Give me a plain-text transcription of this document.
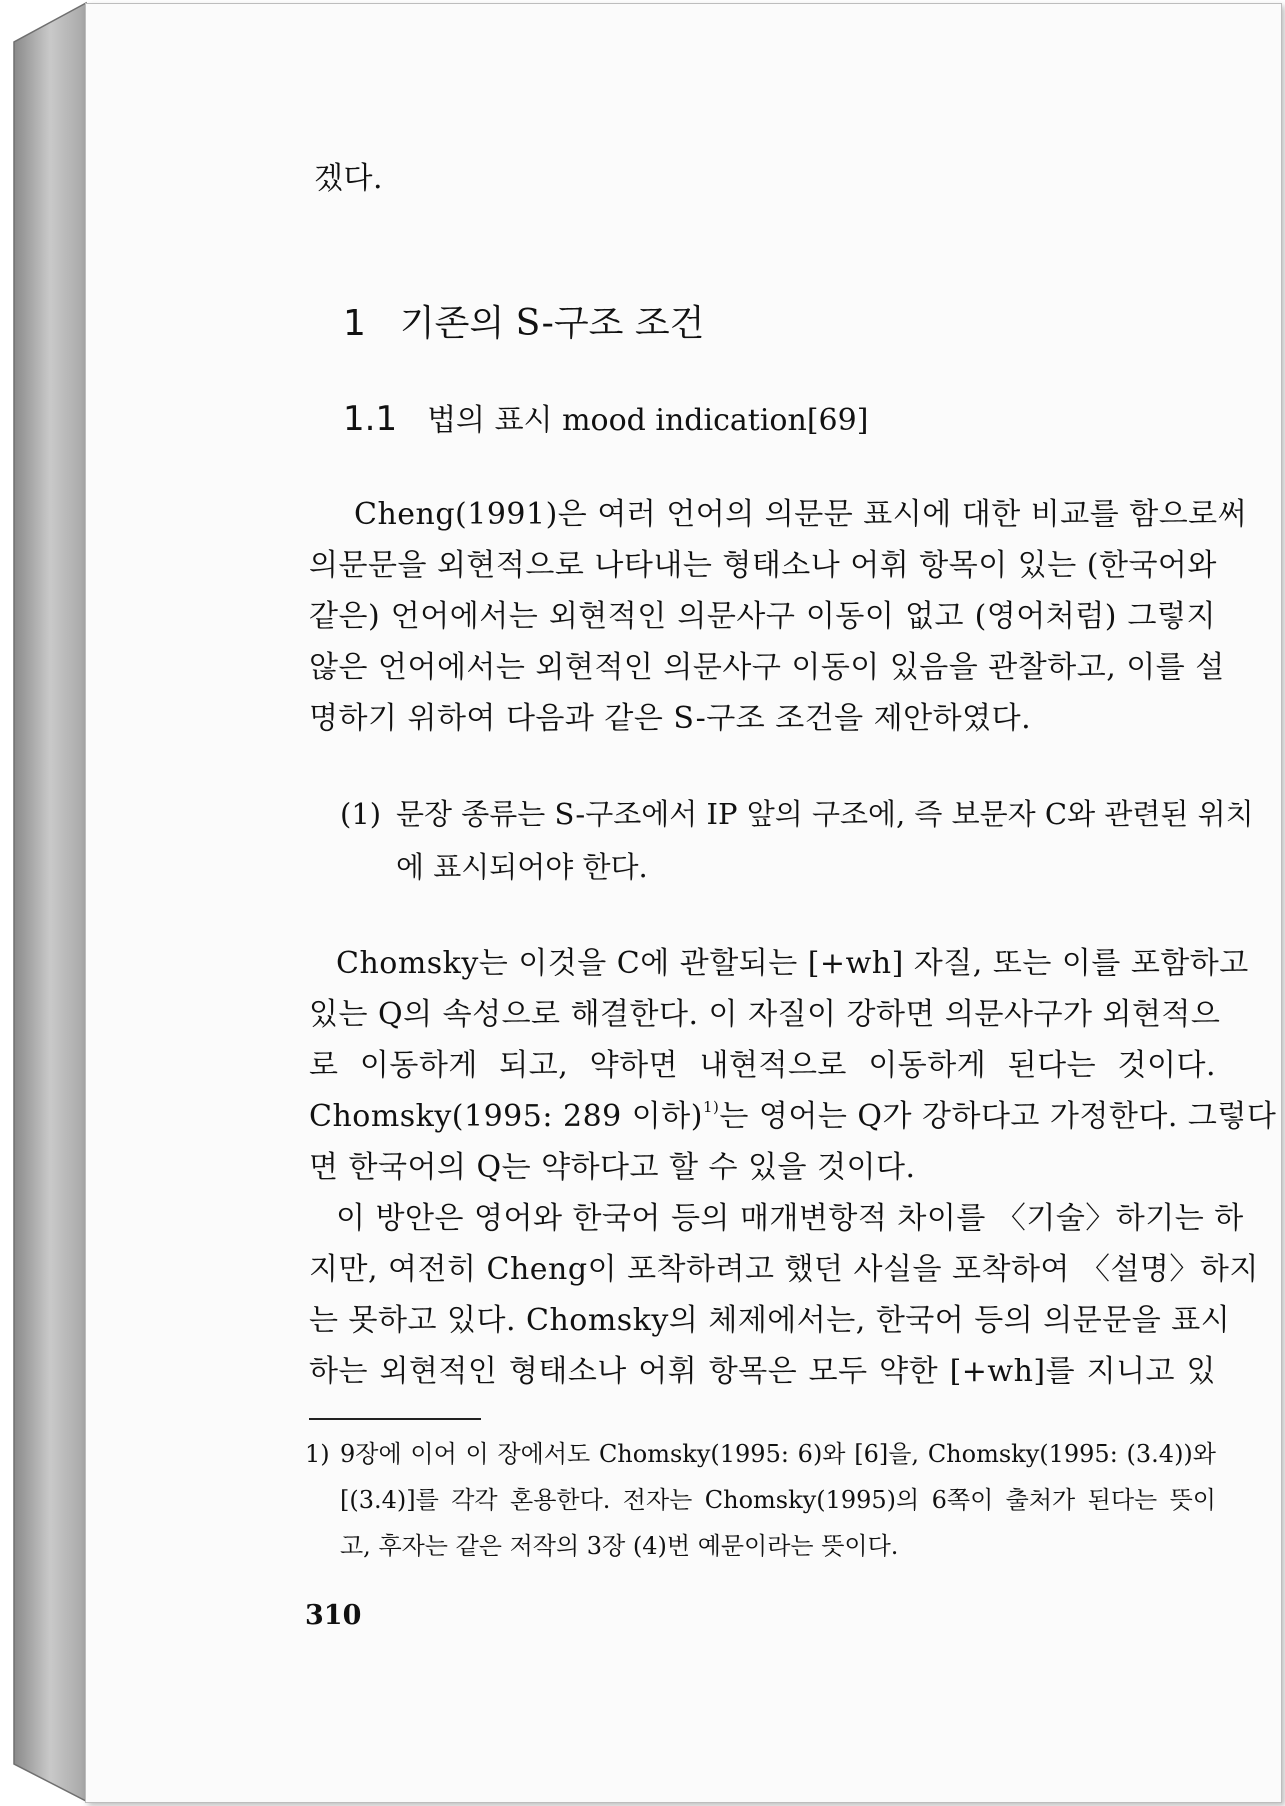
겠다.
1 기존의 S-구조 조건
1.1 법의 표시 mood indication[69]
Cheng(1991)은 여러 언어의 의문문 표시에 대한 비교를 함으로써
의문문을 외현적으로 나타내는 형태소나 어휘 항목이 있는 (한국어와
같은) 언어에서는 외현적인 의문사구 이동이 없고 (영어처럼) 그렇지
않은 언어에서는 외현적인 의문사구 이동이 있음을 관찰하고, 이를 설
명하기 위하여 다음과 같은 S-구조 조건을 제안하였다.
(1) 문장 종류는 S-구조에서 IP 앞의 구조에, 즉 보문자 C와 관련된 위치
에 표시되어야 한다.
Chomsky는 이것을 C에 관할되는 [+wh] 자질, 또는 이를 포함하고
있는 Q의 속성으로 해결한다. 이 자질이 강하면 의문사구가 외현적으
로 이동하게 되고, 약하면 내현적으로 이동하게 된다는 것이다.
Chomsky(1995: 289 이하)$^{1)}$는 영어는 Q가 강하다고 가정한다. 그렇다
면 한국어의 Q는 약하다고 할 수 있을 것이다.
이 방안은 영어와 한국어 등의 매개변항적 차이를 〈기술〉하기는 하
지만, 여전히 Cheng이 포착하려고 했던 사실을 포착하여 〈설명〉하지
는 못하고 있다. Chomsky의 체제에서는, 한국어 등의 의문문을 표시
하는 외현적인 형태소나 어휘 항목은 모두 약한 [+wh]를 지니고 있
1) 9장에 이어 이 장에서도 Chomsky(1995: 6)와 [6]을, Chomsky(1995: (3.4))와
[(3.4)]를 각각 혼용한다. 전자는 Chomsky(1995)의 6쪽이 출처가 된다는 뜻이
고, 후자는 같은 저작의 3장 (4)번 예문이라는 뜻이다.
310
